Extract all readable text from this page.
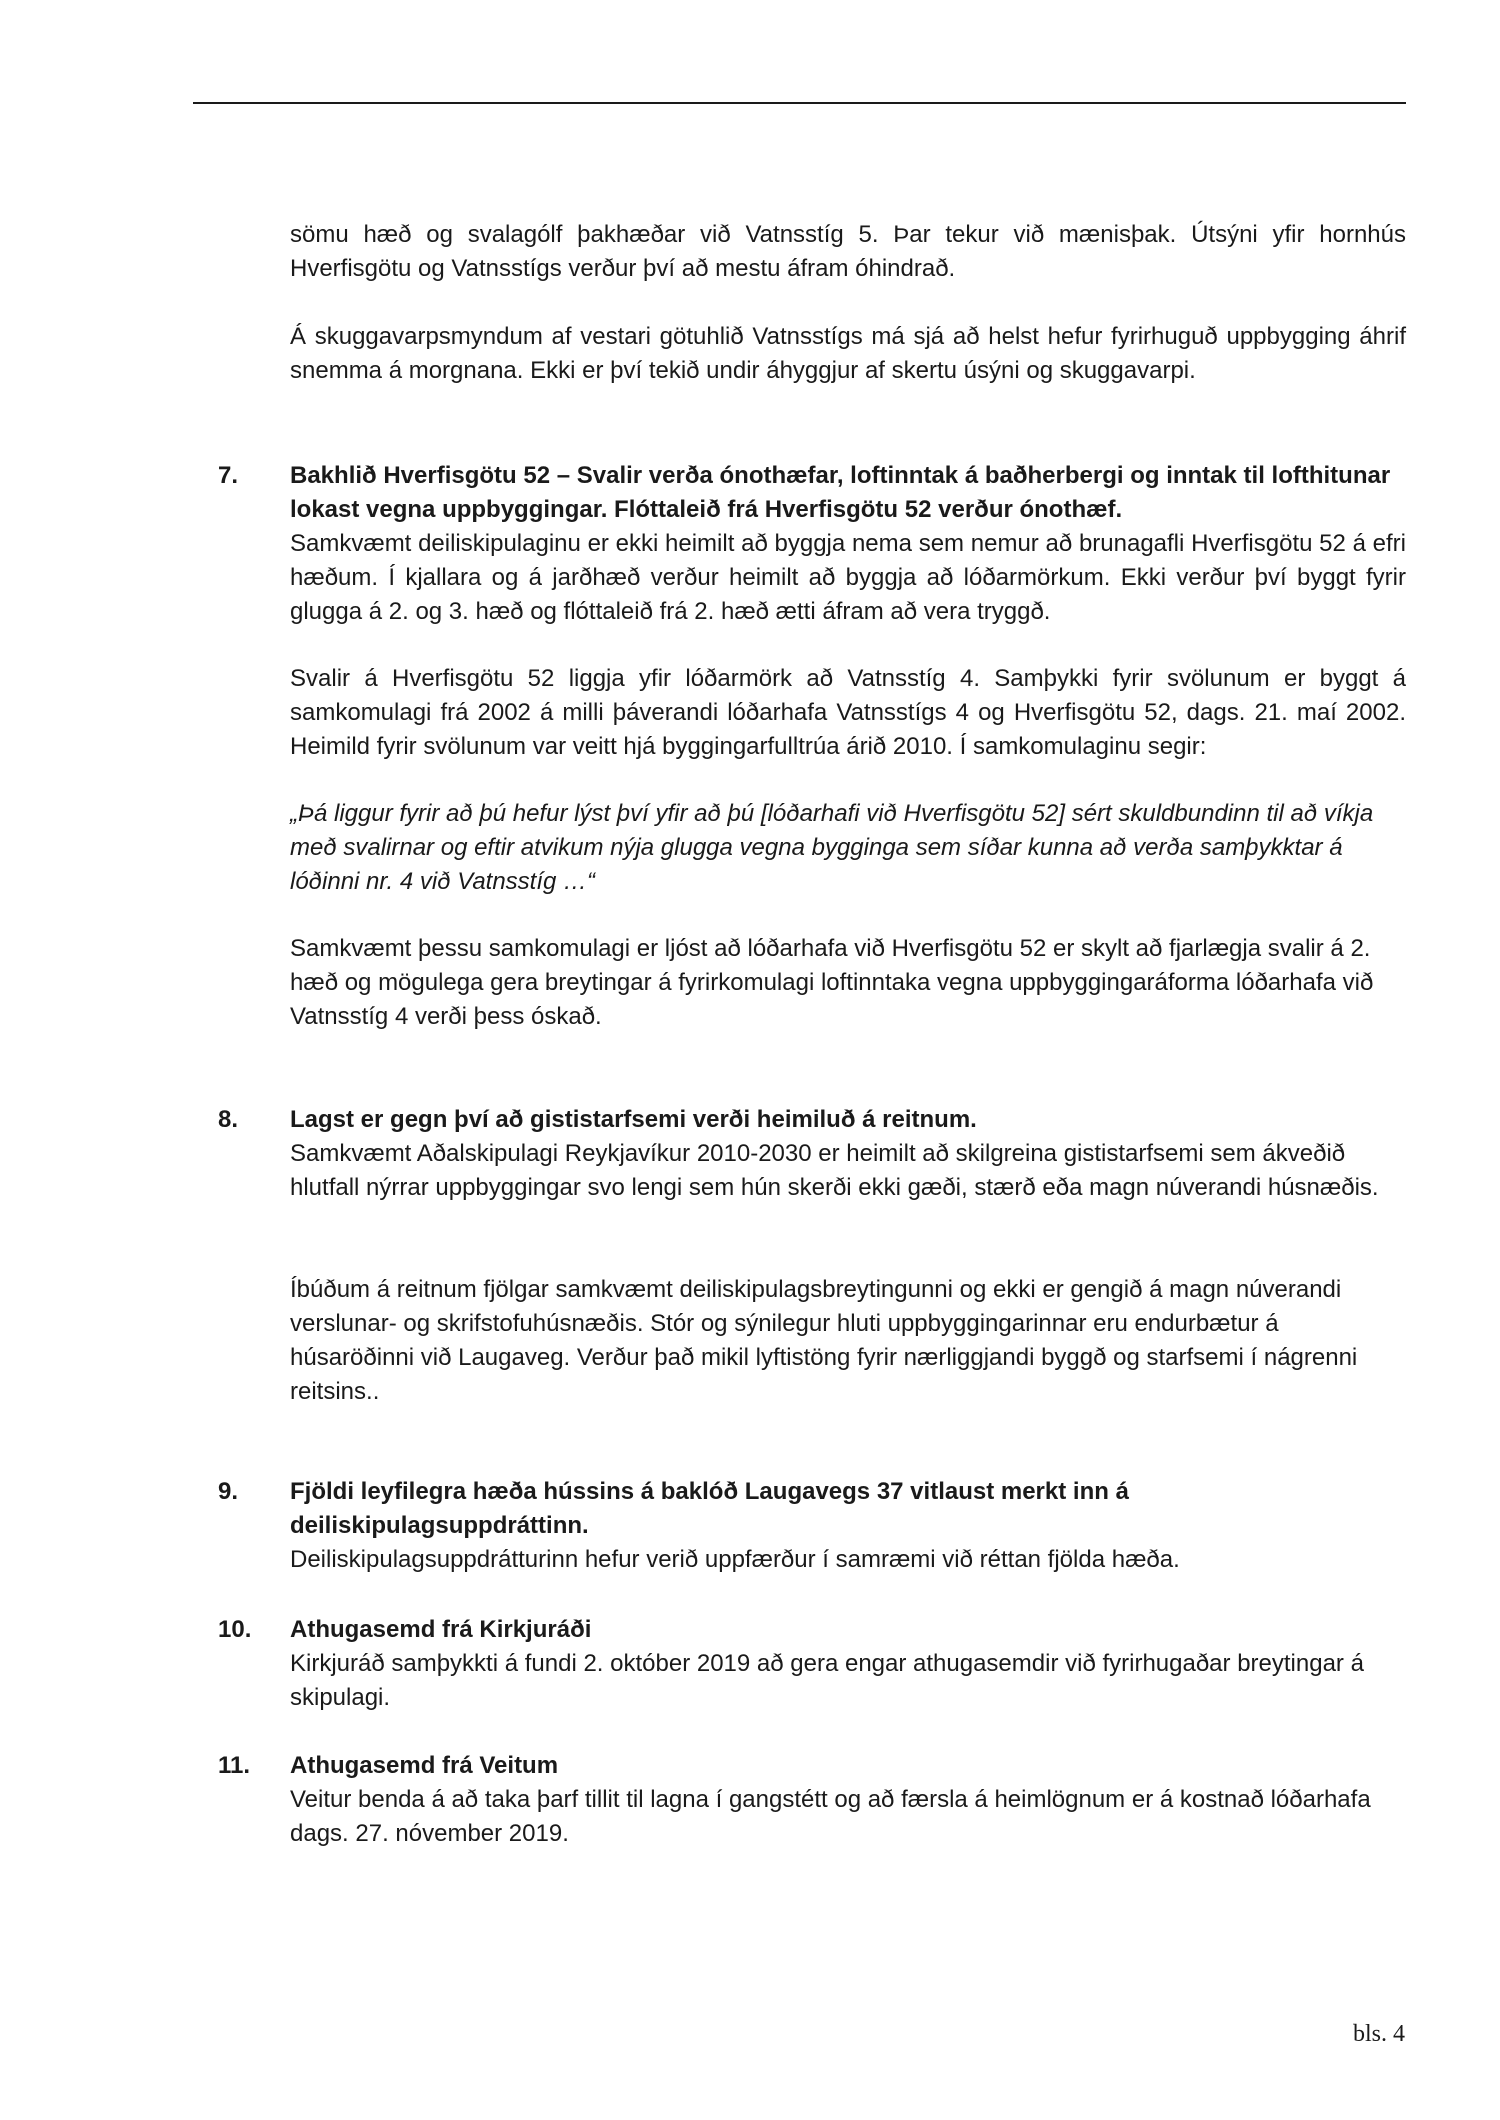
sömu hæð og svalagólf þakhæðar við Vatnsstíg 5. Þar tekur við mænisþak. Útsýni yfir hornhús Hverfisgötu og Vatnsstígs verður því að mestu áfram óhindrað.

Á skuggavarpsmyndum af vestari götuhlið Vatnsstígs má sjá að helst hefur fyrirhuguð uppbygging áhrif snemma á morgnana. Ekki er því tekið undir áhyggjur af skertu úsýni og skuggavarpi.

7. Bakhlið Hverfisgötu 52 – Svalir verða ónothæfar, loftinntak á baðherbergi og inntak til lofthitunar lokast vegna uppbyggingar. Flóttaleið frá Hverfisgötu 52 verður ónothæf.

Samkvæmt deiliskipulaginu er ekki heimilt að byggja nema sem nemur að brunagafli Hverfisgötu 52 á efri hæðum. Í kjallara og á jarðhæð verður heimilt að byggja að lóðarmörkum. Ekki verður því byggt fyrir glugga á 2. og 3. hæð og flóttaleið frá 2. hæð ætti áfram að vera tryggð.

Svalir á Hverfisgötu 52 liggja yfir lóðarmörk að Vatnsstíg 4. Samþykki fyrir svölunum er byggt á samkomulagi frá 2002 á milli þáverandi lóðarhafa Vatnsstígs 4 og Hverfisgötu 52, dags. 21. maí 2002. Heimild fyrir svölunum var veitt hjá byggingarfulltrúa árið 2010. Í samkomulaginu segir:

„Þá liggur fyrir að þú hefur lýst því yfir að þú [lóðarhafi við Hverfisgötu 52] sért skuldbundinn til að víkja með svalirnar og eftir atvikum nýja glugga vegna bygginga sem síðar kunna að verða samþykktar á lóðinni nr. 4 við Vatnsstíg …“

Samkvæmt þessu samkomulagi er ljóst að lóðarhafa við Hverfisgötu 52 er skylt að fjarlægja svalir á 2. hæð og mögulega gera breytingar á fyrirkomulagi loftinntaka vegna uppbyggingaráforma lóðarhafa við Vatnsstíg 4 verði þess óskað.

8. Lagst er gegn því að gististarfsemi verði heimiluð á reitnum.

Samkvæmt Aðalskipulagi Reykjavíkur 2010-2030 er heimilt að skilgreina gististarfsemi sem ákveðið hlutfall nýrrar uppbyggingar svo lengi sem hún skerði ekki gæði, stærð eða magn núverandi húsnæðis.

Íbúðum á reitnum fjölgar samkvæmt deiliskipulagsbreytingunni og ekki er gengið á magn núverandi verslunar- og skrifstofuhúsnæðis. Stór og sýnilegur hluti uppbyggingarinnar eru endurbætur á húsaröðinni við Laugaveg. Verður það mikil lyftistöng fyrir nærliggjandi byggð og starfsemi í nágrenni reitsins..

9. Fjöldi leyfilegra hæða hússins á baklóð Laugavegs 37 vitlaust merkt inn á deiliskipulagsuppdráttinn.

Deiliskipulagsuppdrátturinn hefur verið uppfærður í samræmi við réttan fjölda hæða.

10. Athugasemd frá Kirkjuráði

Kirkjuráð samþykkti á fundi 2. október 2019 að gera engar athugasemdir við fyrirhugaðar breytingar á skipulagi.

11. Athugasemd frá Veitum

Veitur benda á að taka þarf tillit til lagna í gangstétt og að færsla á heimlögnum er á kostnað lóðarhafa dags. 27. nóvember 2019.

bls. 4
